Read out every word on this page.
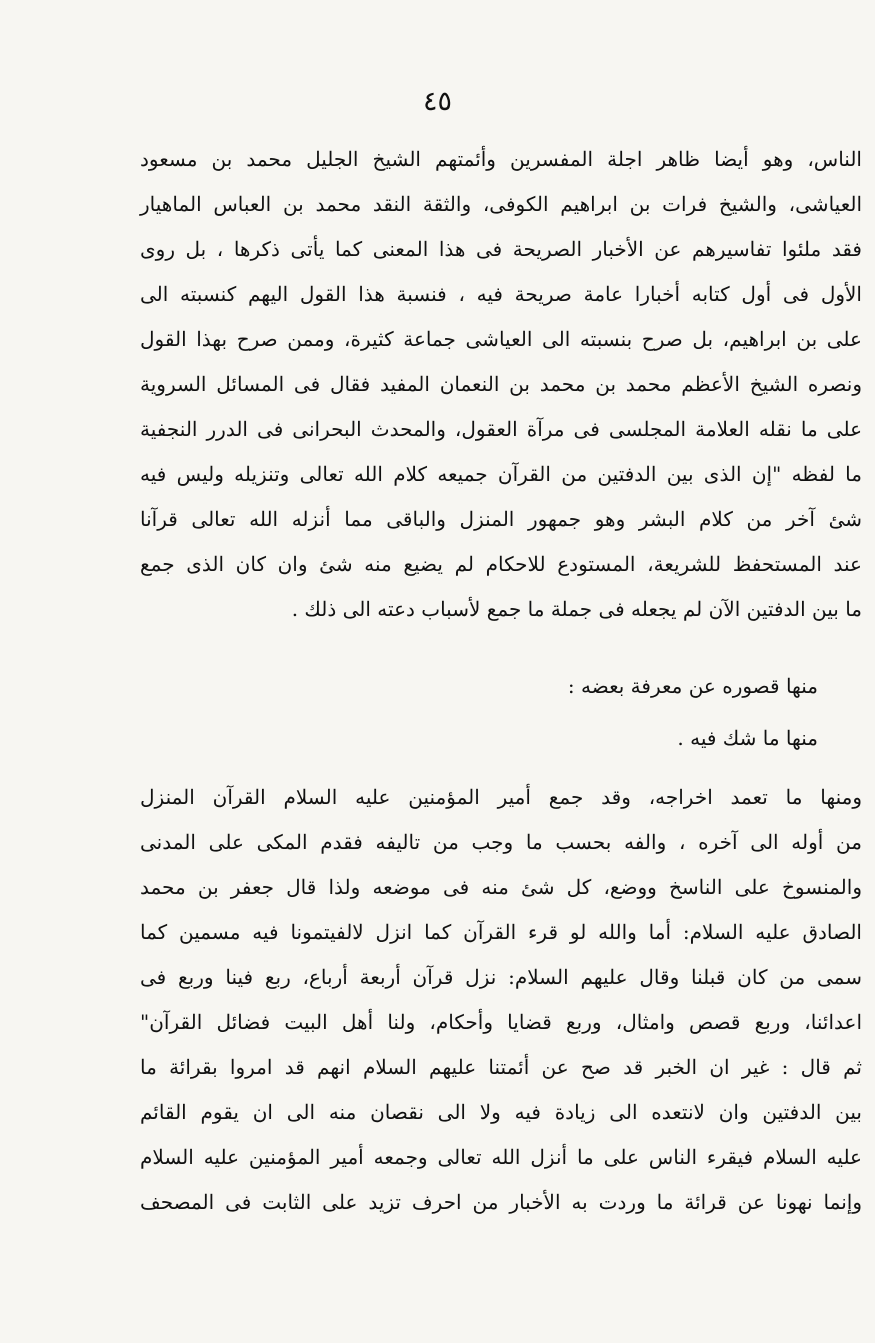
٤٥
الناس، وهو أيضا ظاهر اجلة المفسرين وأئمتهم الشيخ الجليل محمد بن مسعود
العياشى، والشيخ فرات بن ابراهيم الكوفى، والثقة النقد محمد بن العباس الماهيار
فقد ملئوا تفاسيرهم عن الأخبار الصريحة فى هذا المعنى كما يأتى ذكرها ، بل روى
الأول فى أول كتابه أخبارا عامة صريحة فيه ، فنسبة هذا القول اليهم كنسبته الى
على بن ابراهيم، بل صرح بنسبته الى العياشى جماعة كثيرة، وممن صرح بهذا القول
ونصره الشيخ الأعظم محمد بن محمد بن النعمان المفيد فقال فى المسائل السروية
على ما نقله العلامة المجلسى فى مرآة العقول، والمحدث البحرانى فى الدرر النجفية
ما لفظه "إن الذى بين الدفتين من القرآن جميعه كلام الله تعالى وتنزيله وليس فيه
شئ آخر من كلام البشر وهو جمهور المنزل والباقى مما أنزله الله تعالى قرآنا
عند المستحفظ للشريعة، المستودع للاحكام لم يضيع منه شئ وان كان الذى جمع
ما بين الدفتين الآن لم يجعله فى جملة ما جمع لأسباب دعته الى ذلك .
منها قصوره عن معرفة بعضه :
منها ما شك فيه .
ومنها ما تعمد اخراجه، وقد جمع أمير المؤمنين عليه السلام القرآن المنزل
من أوله الى آخره ، والفه بحسب ما وجب من تاليفه فقدم المكى على المدنى
والمنسوخ على الناسخ ووضع، كل شئ منه فى موضعه ولذا قال جعفر بن محمد
الصادق عليه السلام: أما والله لو قرء القرآن كما انزل لالفيتمونا فيه مسمين كما
سمى من كان قبلنا وقال عليهم السلام: نزل قرآن أربعة أرباع، ربع فينا وربع فى
اعدائنا، وربع قصص وامثال، وربع قضايا وأحكام، ولنا أهل البيت فضائل القرآن"
ثم قال : غير ان الخبر قد صح عن أئمتنا عليهم السلام انهم قد امروا بقرائة ما
بين الدفتين وان لانتعده الى زيادة فيه ولا الى نقصان منه الى ان يقوم القائم
عليه السلام فيقرء الناس على ما أنزل الله تعالى وجمعه أمير المؤمنين عليه السلام
وإنما نهونا عن قرائة ما وردت به الأخبار من احرف تزيد على الثابت فى المصحف
